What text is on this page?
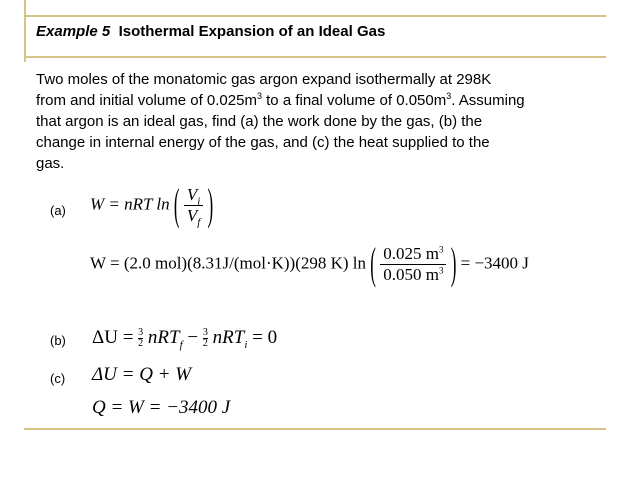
Example 5 Isothermal Expansion of an Ideal Gas
Two moles of the monatomic gas argon expand isothermally at 298K
from and initial volume of $0.025m^3$ to a final volume of $0.050m^3$. Assuming
that argon is an ideal gas, find (a) the work done by the gas, (b) the
change in internal energy of the gas, and (c) the heat supplied to the
gas.
(a) W = nRT ln ( $\frac{V_i}{V_f}$ )
W = (2.0 mol)(8.31J/(mol·K))(298 K) ln ( $\frac{0.025 m^3}{0.050 m^3}$ ) = −3400 J
(b) $\Delta U = \frac{3}{2} nRT_f - \frac{3}{2} nRT_i = 0$
(c) ΔU = Q + W
Q = W = −3400 J
